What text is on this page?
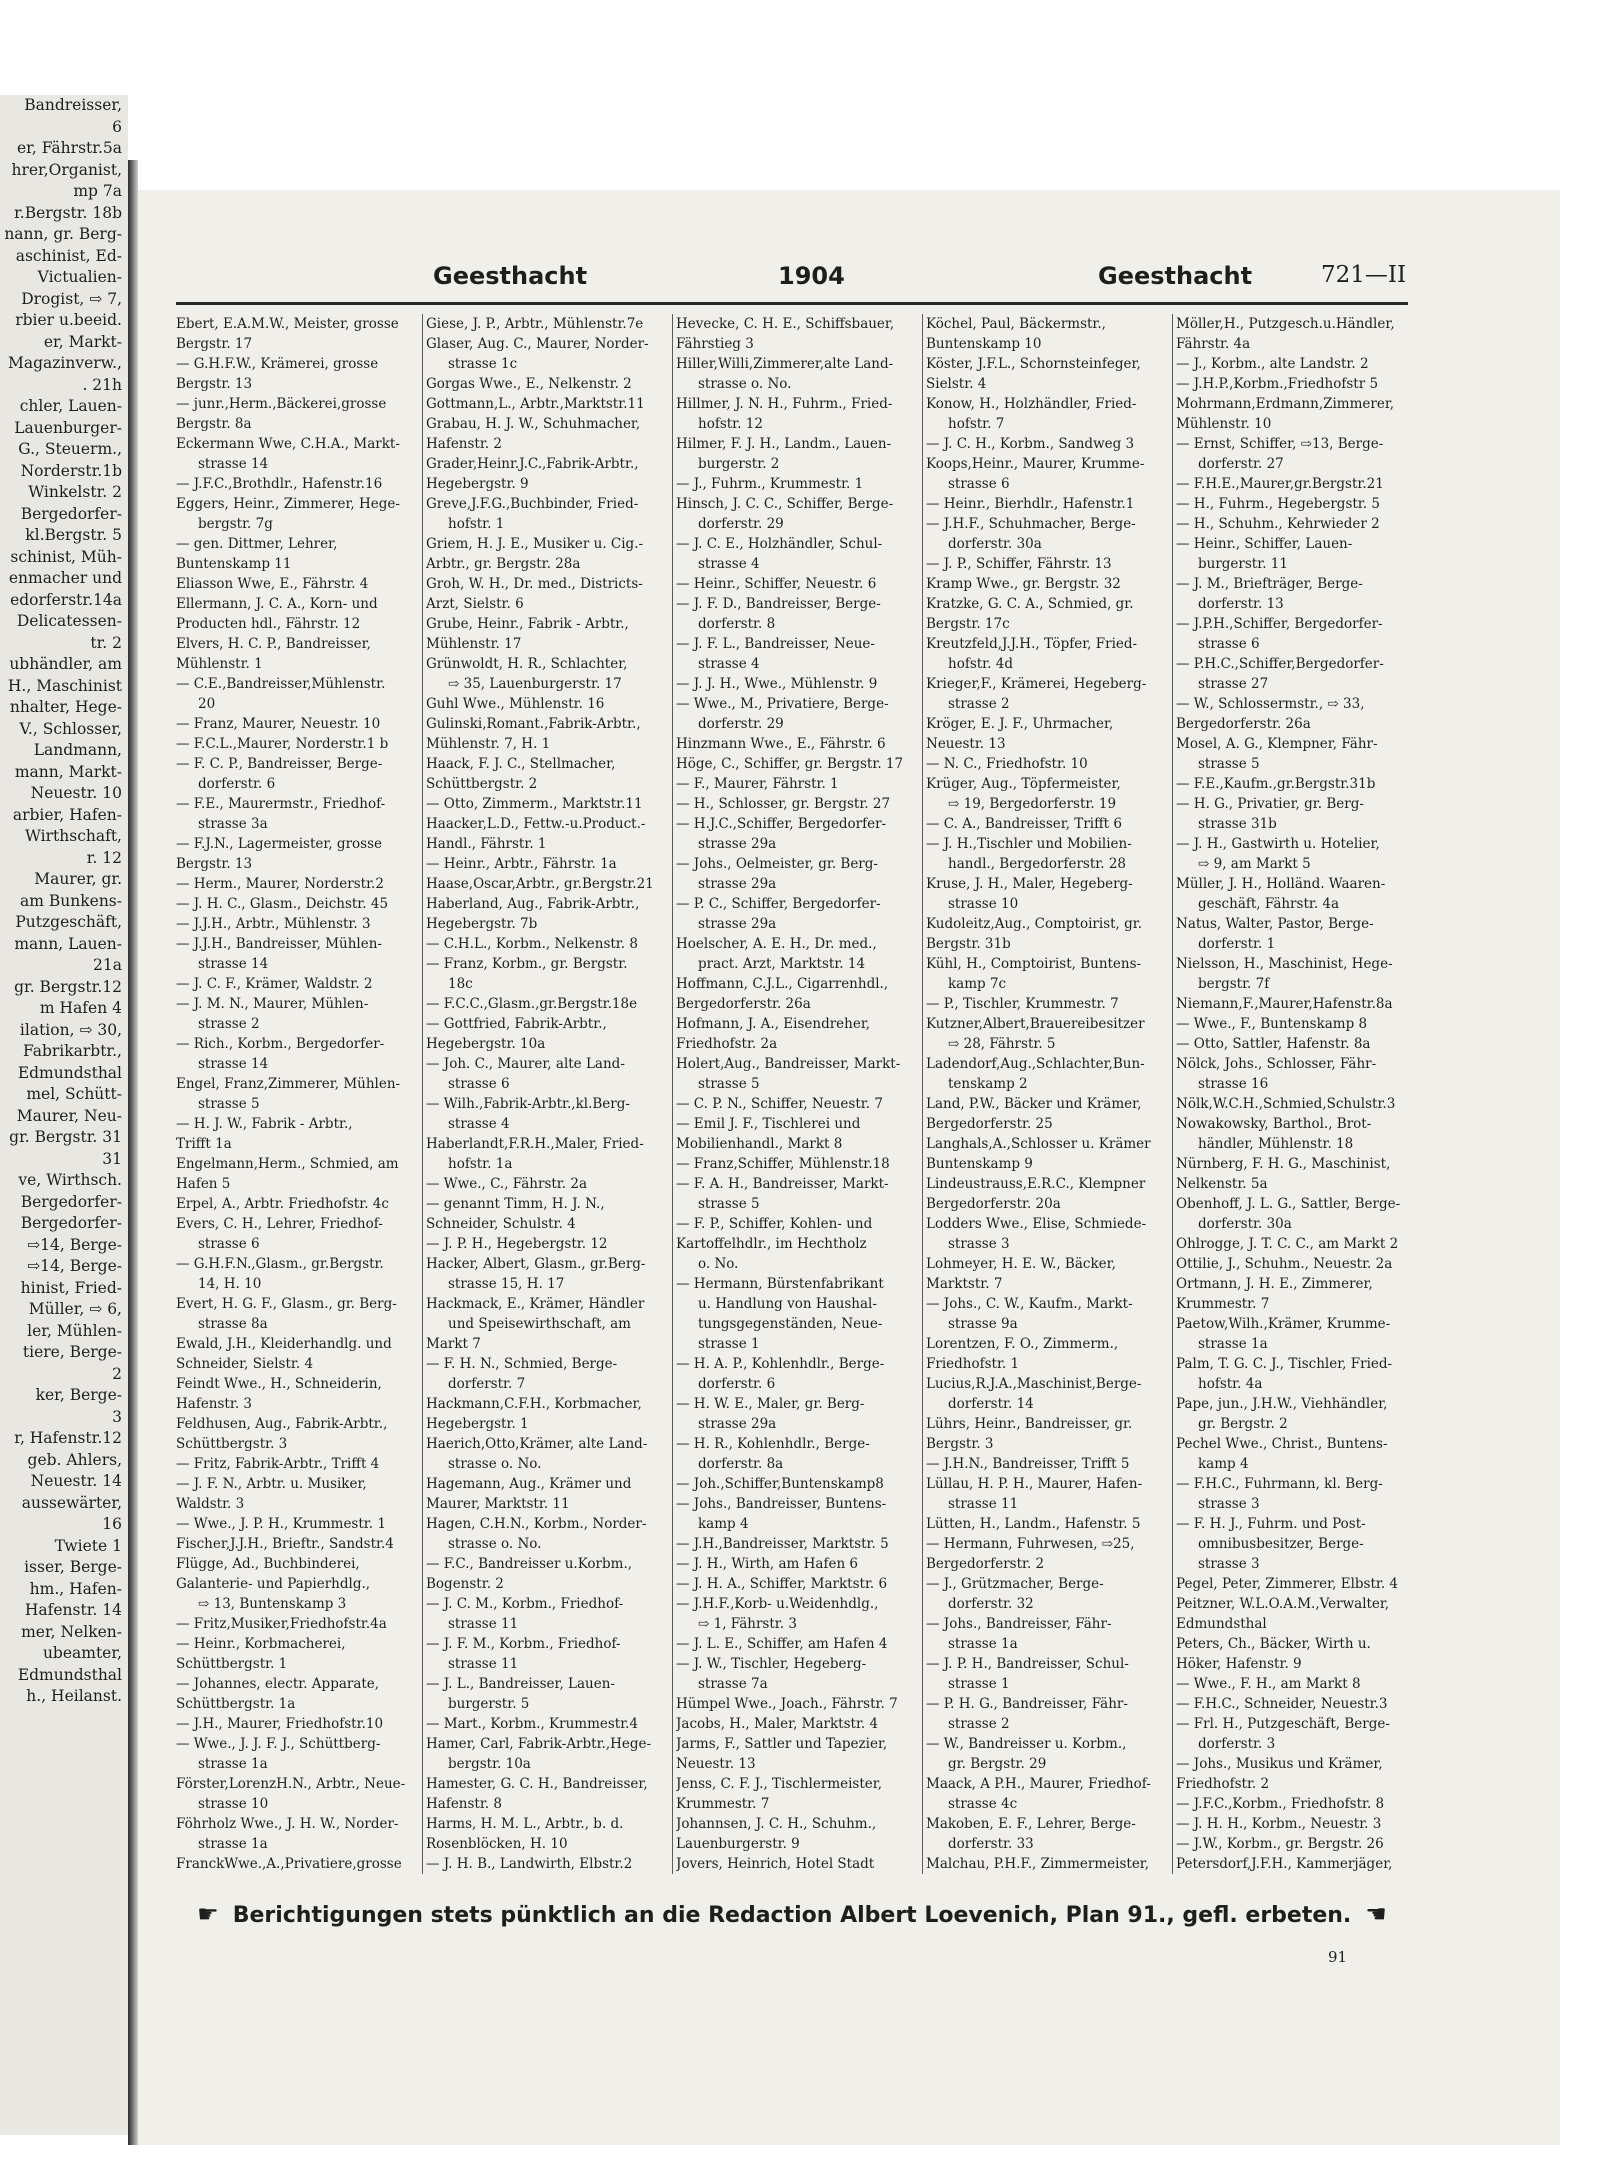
Bandreisser,
6
er, Fährstr.5a
hrer,Organist,
mp 7a
r.Bergstr. 18b
nann, gr. Berg-
aschinist, Ed-
Victualien-
Drogist, ⇨ 7,
rbier u.beeid.
er, Markt-
Magazinverw.,
. 21h
chler, Lauen-
Lauenburger-
G., Steuerm.,
Norderstr.1b
Winkelstr. 2
Bergedorfer-
kl.Bergstr. 5
schinist, Müh-
enmacher und
edorferstr.14a
Delicatessen-
tr. 2
ubhändler, am
H., Maschinist
nhalter, Hege-
V., Schlosser,
Landmann,
mann, Markt-
Neuestr. 10
arbier, Hafen-
Wirthschaft,
r. 12
Maurer, gr.
am Bunkens-
Putzgeschäft,
mann, Lauen-
21a
gr. Bergstr.12
m Hafen 4
ilation, ⇨ 30,
Fabrikarbtr.,
Edmundsthal
mel, Schütt-
Maurer, Neu-
gr. Bergstr. 31
31
ve, Wirthsch.
Bergedorfer-
Bergedorfer-
⇨14, Berge-
⇨14, Berge-
hinist, Fried-
Müller, ⇨ 6,
ler, Mühlen-
tiere, Berge-
2
ker, Berge-
3
r, Hafenstr.12
geb. Ahlers,
Neuestr. 14
aussewärter,
16
Twiete 1
isser, Berge-
hm., Hafen-
Hafenstr. 14
mer, Nelken-
ubeamter,
Edmundsthal
h., Heilanst.
Geesthacht	1904	Geesthacht	721—II
Ebert, E.A.M.W., Meister, grosse
Bergstr. 17
— G.H.F.W., Krämerei, grosse
Bergstr. 13
— junr.,Herm.,Bäckerei,grosse
Bergstr. 8a
Eckermann Wwe, C.H.A., Markt-
strasse 14
— J.F.C.,Brothdlr., Hafenstr.16
Eggers, Heinr., Zimmerer, Hege-
bergstr. 7g
— gen. Dittmer, Lehrer,
Buntenskamp 11
Eliasson Wwe, E., Fährstr. 4
Ellermann, J. C. A., Korn- und
Producten hdl., Fährstr. 12
Elvers, H. C. P., Bandreisser,
Mühlenstr. 1
— C.E.,Bandreisser,Mühlenstr.
20
— Franz, Maurer, Neuestr. 10
— F.C.L.,Maurer, Norderstr.1 b
— F. C. P., Bandreisser, Berge-
dorferstr. 6
— F.E., Maurermstr., Friedhof-
strasse 3a
— F.J.N., Lagermeister, grosse
Bergstr. 13
— Herm., Maurer, Norderstr.2
— J. H. C., Glasm., Deichstr. 45
— J.J.H., Arbtr., Mühlenstr. 3
— J.J.H., Bandreisser, Mühlen-
strasse 14
— J. C. F., Krämer, Waldstr. 2
— J. M. N., Maurer, Mühlen-
strasse 2
— Rich., Korbm., Bergedorfer-
strasse 14
Engel, Franz,Zimmerer, Mühlen-
strasse 5
— H. J. W., Fabrik - Arbtr.,
Trifft 1a
Engelmann,Herm., Schmied, am
Hafen 5
Erpel, A., Arbtr. Friedhofstr. 4c
Evers, C. H., Lehrer, Friedhof-
strasse 6
— G.H.F.N.,Glasm., gr.Bergstr.
14, H. 10
Evert, H. G. F., Glasm., gr. Berg-
strasse 8a
Ewald, J.H., Kleiderhandlg. und
Schneider, Sielstr. 4
Feindt Wwe., H., Schneiderin,
Hafenstr. 3
Feldhusen, Aug., Fabrik-Arbtr.,
Schüttbergstr. 3
— Fritz, Fabrik-Arbtr., Trifft 4
— J. F. N., Arbtr. u. Musiker,
Waldstr. 3
— Wwe., J. P. H., Krummestr. 1
Fischer,J.J.H., Brieftr., Sandstr.4
Flügge, Ad., Buchbinderei,
Galanterie- und Papierhdlg.,
⇨ 13, Buntenskamp 3
— Fritz,Musiker,Friedhofstr.4a
— Heinr., Korbmacherei,
Schüttbergstr. 1
— Johannes, electr. Apparate,
Schüttbergstr. 1a
— J.H., Maurer, Friedhofstr.10
— Wwe., J. J. F. J., Schüttberg-
strasse 1a
Förster,LorenzH.N., Arbtr., Neue-
strasse 10
Föhrholz Wwe., J. H. W., Norder-
strasse 1a
FranckWwe.,A.,Privatiere,grosse
Giese, J. P., Arbtr., Mühlenstr.7e
Glaser, Aug. C., Maurer, Norder-
strasse 1c
Gorgas Wwe., E., Nelkenstr. 2
Gottmann,L., Arbtr.,Marktstr.11
Grabau, H. J. W., Schuhmacher,
Hafenstr. 2
Grader,Heinr.J.C.,Fabrik-Arbtr.,
Hegebergstr. 9
Greve,J.F.G.,Buchbinder, Fried-
hofstr. 1
Griem, H. J. E., Musiker u. Cig.-
Arbtr., gr. Bergstr. 28a
Groh, W. H., Dr. med., Districts-
Arzt, Sielstr. 6
Grube, Heinr., Fabrik - Arbtr.,
Mühlenstr. 17
Grünwoldt, H. R., Schlachter,
⇨ 35, Lauenburgerstr. 17
Guhl Wwe., Mühlenstr. 16
Gulinski,Romant.,Fabrik-Arbtr.,
Mühlenstr. 7, H. 1
Haack, F. J. C., Stellmacher,
Schüttbergstr. 2
— Otto, Zimmerm., Marktstr.11
Haacker,L.D., Fettw.-u.Product.-
Handl., Fährstr. 1
— Heinr., Arbtr., Fährstr. 1a
Haase,Oscar,Arbtr., gr.Bergstr.21
Haberland, Aug., Fabrik-Arbtr.,
Hegebergstr. 7b
— C.H.L., Korbm., Nelkenstr. 8
— Franz, Korbm., gr. Bergstr.
18c
— F.C.C.,Glasm.,gr.Bergstr.18e
— Gottfried, Fabrik-Arbtr.,
Hegebergstr. 10a
— Joh. C., Maurer, alte Land-
strasse 6
— Wilh.,Fabrik-Arbtr.,kl.Berg-
strasse 4
Haberlandt,F.R.H.,Maler, Fried-
hofstr. 1a
— Wwe., C., Fährstr. 2a
— genannt Timm, H. J. N.,
Schneider, Schulstr. 4
— J. P. H., Hegebergstr. 12
Hacker, Albert, Glasm., gr.Berg-
strasse 15, H. 17
Hackmack, E., Krämer, Händler
und Speisewirthschaft, am
Markt 7
— F. H. N., Schmied, Berge-
dorferstr. 7
Hackmann,C.F.H., Korbmacher,
Hegebergstr. 1
Haerich,Otto,Krämer, alte Land-
strasse o. No.
Hagemann, Aug., Krämer und
Maurer, Marktstr. 11
Hagen, C.H.N., Korbm., Norder-
strasse o. No.
— F.C., Bandreisser u.Korbm.,
Bogenstr. 2
— J. C. M., Korbm., Friedhof-
strasse 11
— J. F. M., Korbm., Friedhof-
strasse 11
— J. L., Bandreisser, Lauen-
burgerstr. 5
— Mart., Korbm., Krummestr.4
Hamer, Carl, Fabrik-Arbtr.,Hege-
bergstr. 10a
Hamester, G. C. H., Bandreisser,
Hafenstr. 8
Harms, H. M. L., Arbtr., b. d.
Rosenblöcken, H. 10
— J. H. B., Landwirth, Elbstr.2
Hevecke, C. H. E., Schiffsbauer,
Fährstieg 3
Hiller,Willi,Zimmerer,alte Land-
strasse o. No.
Hillmer, J. N. H., Fuhrm., Fried-
hofstr. 12
Hilmer, F. J. H., Landm., Lauen-
burgerstr. 2
— J., Fuhrm., Krummestr. 1
Hinsch, J. C. C., Schiffer, Berge-
dorferstr. 29
— J. C. E., Holzhändler, Schul-
strasse 4
— Heinr., Schiffer, Neuestr. 6
— J. F. D., Bandreisser, Berge-
dorferstr. 8
— J. F. L., Bandreisser, Neue-
strasse 4
— J. J. H., Wwe., Mühlenstr. 9
— Wwe., M., Privatiere, Berge-
dorferstr. 29
Hinzmann Wwe., E., Fährstr. 6
Höge, C., Schiffer, gr. Bergstr. 17
— F., Maurer, Fährstr. 1
— H., Schlosser, gr. Bergstr. 27
— H.J.C.,Schiffer, Bergedorfer-
strasse 29a
— Johs., Oelmeister, gr. Berg-
strasse 29a
— P. C., Schiffer, Bergedorfer-
strasse 29a
Hoelscher, A. E. H., Dr. med.,
pract. Arzt, Marktstr. 14
Hoffmann, C.J.L., Cigarrenhdl.,
Bergedorferstr. 26a
Hofmann, J. A., Eisendreher,
Friedhofstr. 2a
Holert,Aug., Bandreisser, Markt-
strasse 5
— C. P. N., Schiffer, Neuestr. 7
— Emil J. F., Tischlerei und
Mobilienhandl., Markt 8
— Franz,Schiffer, Mühlenstr.18
— F. A. H., Bandreisser, Markt-
strasse 5
— F. P., Schiffer, Kohlen- und
Kartoffelhdlr., im Hechtholz
o. No.
— Hermann, Bürstenfabrikant
u. Handlung von Haushal-
tungsgegenständen, Neue-
strasse 1
— H. A. P., Kohlenhdlr., Berge-
dorferstr. 6
— H. W. E., Maler, gr. Berg-
strasse 29a
— H. R., Kohlenhdlr., Berge-
dorferstr. 8a
— Joh.,Schiffer,Buntenskamp8
— Johs., Bandreisser, Buntens-
kamp 4
— J.H.,Bandreisser, Marktstr. 5
— J. H., Wirth, am Hafen 6
— J. H. A., Schiffer, Marktstr. 6
— J.H.F.,Korb- u.Weidenhdlg.,
⇨ 1, Fährstr. 3
— J. L. E., Schiffer, am Hafen 4
— J. W., Tischler, Hegeberg-
strasse 7a
Hümpel Wwe., Joach., Fährstr. 7
Jacobs, H., Maler, Marktstr. 4
Jarms, F., Sattler und Tapezier,
Neuestr. 13
Jenss, C. F. J., Tischlermeister,
Krummestr. 7
Johannsen, J. C. H., Schuhm.,
Lauenburgerstr. 9
Jovers, Heinrich, Hotel Stadt
Köchel, Paul, Bäckermstr.,
Buntenskamp 10
Köster, J.F.L., Schornsteinfeger,
Sielstr. 4
Konow, H., Holzhändler, Fried-
hofstr. 7
— J. C. H., Korbm., Sandweg 3
Koops,Heinr., Maurer, Krumme-
strasse 6
— Heinr., Bierhdlr., Hafenstr.1
— J.H.F., Schuhmacher, Berge-
dorferstr. 30a
— J. P., Schiffer, Fährstr. 13
Kramp Wwe., gr. Bergstr. 32
Kratzke, G. C. A., Schmied, gr.
Bergstr. 17c
Kreutzfeld,J.J.H., Töpfer, Fried-
hofstr. 4d
Krieger,F., Krämerei, Hegeberg-
strasse 2
Kröger, E. J. F., Uhrmacher,
Neuestr. 13
— N. C., Friedhofstr. 10
Krüger, Aug., Töpfermeister,
⇨ 19, Bergedorferstr. 19
— C. A., Bandreisser, Trifft 6
— J. H.,Tischler und Mobilien-
handl., Bergedorferstr. 28
Kruse, J. H., Maler, Hegeberg-
strasse 10
Kudoleitz,Aug., Comptoirist, gr.
Bergstr. 31b
Kühl, H., Comptoirist, Buntens-
kamp 7c
— P., Tischler, Krummestr. 7
Kutzner,Albert,Brauereibesitzer
⇨ 28, Fährstr. 5
Ladendorf,Aug.,Schlachter,Bun-
tenskamp 2
Land, P.W., Bäcker und Krämer,
Bergedorferstr. 25
Langhals,A.,Schlosser u. Krämer
Buntenskamp 9
Lindeustrauss,E.R.C., Klempner
Bergedorferstr. 20a
Lodders Wwe., Elise, Schmiede-
strasse 3
Lohmeyer, H. E. W., Bäcker,
Marktstr. 7
— Johs., C. W., Kaufm., Markt-
strasse 9a
Lorentzen, F. O., Zimmerm.,
Friedhofstr. 1
Lucius,R.J.A.,Maschinist,Berge-
dorferstr. 14
Lührs, Heinr., Bandreisser, gr.
Bergstr. 3
— J.H.N., Bandreisser, Trifft 5
Lüllau, H. P. H., Maurer, Hafen-
strasse 11
Lütten, H., Landm., Hafenstr. 5
— Hermann, Fuhrwesen, ⇨25,
Bergedorferstr. 2
— J., Grützmacher, Berge-
dorferstr. 32
— Johs., Bandreisser, Fähr-
strasse 1a
— J. P. H., Bandreisser, Schul-
strasse 1
— P. H. G., Bandreisser, Fähr-
strasse 2
— W., Bandreisser u. Korbm.,
gr. Bergstr. 29
Maack, A P.H., Maurer, Friedhof-
strasse 4c
Makoben, E. F., Lehrer, Berge-
dorferstr. 33
Malchau, P.H.F., Zimmermeister,
Möller,H., Putzgesch.u.Händler,
Fährstr. 4a
— J., Korbm., alte Landstr. 2
— J.H.P.,Korbm.,Friedhofstr 5
Mohrmann,Erdmann,Zimmerer,
Mühlenstr. 10
— Ernst, Schiffer, ⇨13, Berge-
dorferstr. 27
— F.H.E.,Maurer,gr.Bergstr.21
— H., Fuhrm., Hegebergstr. 5
— H., Schuhm., Kehrwieder 2
— Heinr., Schiffer, Lauen-
burgerstr. 11
— J. M., Briefträger, Berge-
dorferstr. 13
— J.P.H.,Schiffer, Bergedorfer-
strasse 6
— P.H.C.,Schiffer,Bergedorfer-
strasse 27
— W., Schlossermstr., ⇨ 33,
Bergedorferstr. 26a
Mosel, A. G., Klempner, Fähr-
strasse 5
— F.E.,Kaufm.,gr.Bergstr.31b
— H. G., Privatier, gr. Berg-
strasse 31b
— J. H., Gastwirth u. Hotelier,
⇨ 9, am Markt 5
Müller, J. H., Holländ. Waaren-
geschäft, Fährstr. 4a
Natus, Walter, Pastor, Berge-
dorferstr. 1
Nielsson, H., Maschinist, Hege-
bergstr. 7f
Niemann,F.,Maurer,Hafenstr.8a
— Wwe., F., Buntenskamp 8
— Otto, Sattler, Hafenstr. 8a
Nölck, Johs., Schlosser, Fähr-
strasse 16
Nölk,W.C.H.,Schmied,Schulstr.3
Nowakowsky, Barthol., Brot-
händler, Mühlenstr. 18
Nürnberg, F. H. G., Maschinist,
Nelkenstr. 5a
Obenhoff, J. L. G., Sattler, Berge-
dorferstr. 30a
Ohlrogge, J. T. C. C., am Markt 2
Ottilie, J., Schuhm., Neuestr. 2a
Ortmann, J. H. E., Zimmerer,
Krummestr. 7
Paetow,Wilh.,Krämer, Krumme-
strasse 1a
Palm, T. G. C. J., Tischler, Fried-
hofstr. 4a
Pape, jun., J.H.W., Viehhändler,
gr. Bergstr. 2
Pechel Wwe., Christ., Buntens-
kamp 4
— F.H.C., Fuhrmann, kl. Berg-
strasse 3
— F. H. J., Fuhrm. und Post-
omnibusbesitzer, Berge-
strasse 3
Pegel, Peter, Zimmerer, Elbstr. 4
Peitzner, W.L.O.A.M.,Verwalter,
Edmundsthal
Peters, Ch., Bäcker, Wirth u.
Höker, Hafenstr. 9
— Wwe., F. H., am Markt 8
— F.H.C., Schneider, Neuestr.3
— Frl. H., Putzgeschäft, Berge-
dorferstr. 3
— Johs., Musikus und Krämer,
Friedhofstr. 2
— J.F.C.,Korbm., Friedhofstr. 8
— J. H. H., Korbm., Neuestr. 3
— J.W., Korbm., gr. Bergstr. 26
Petersdorf,J.F.H., Kammerjäger,
☛ Berichtigungen stets pünktlich an die Redaction Albert Loevenich, Plan 91., gefl. erbeten. ☚
91
